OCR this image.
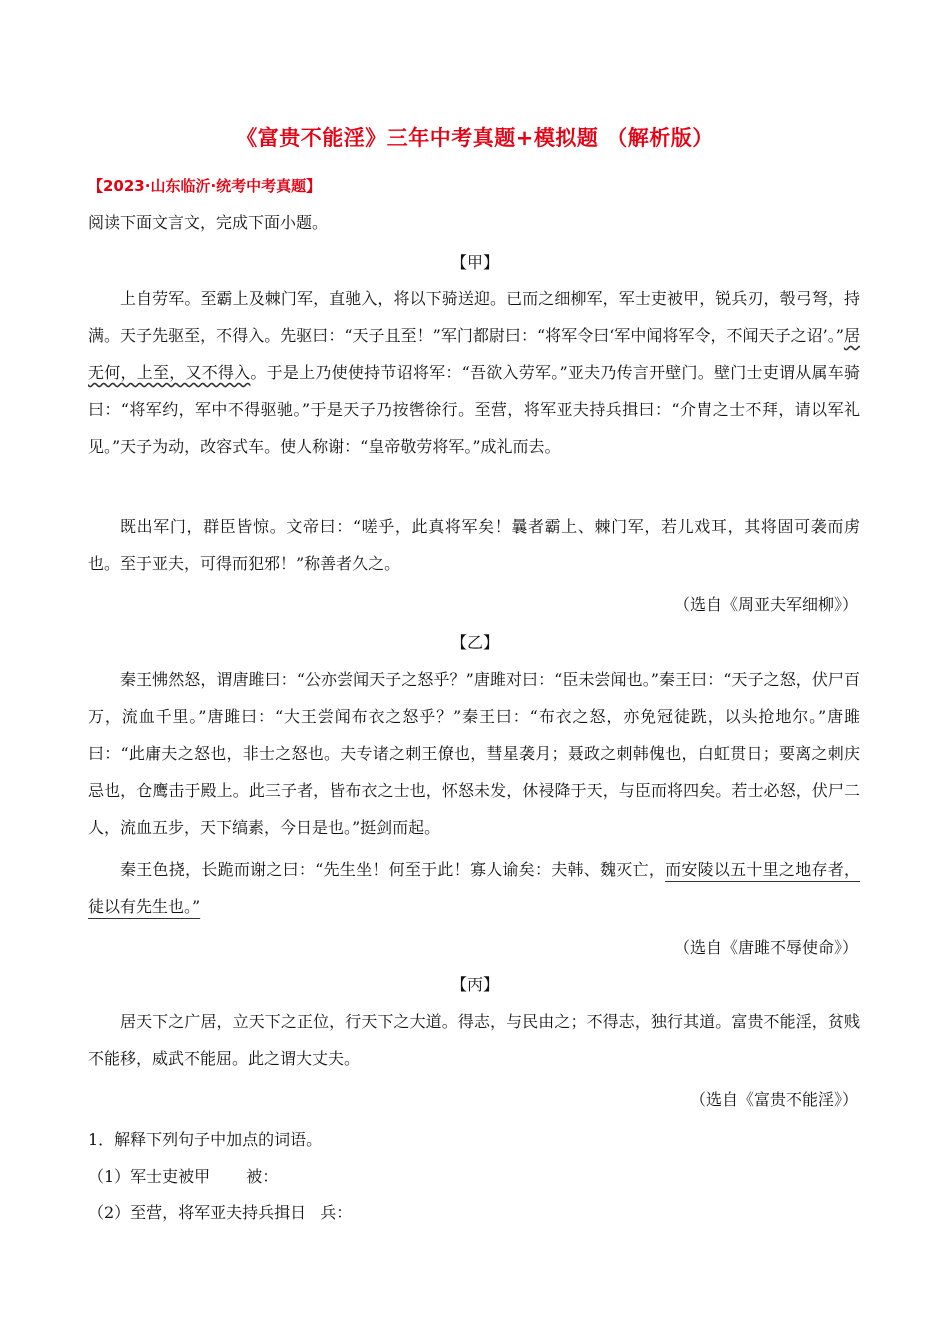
《富贵不能淫》三年中考真题+模拟题 （解析版）
【2023·山东临沂·统考中考真题】
阅读下面文言文，完成下面小题。
【甲】
上自劳军。至霸上及棘门军，直驰入，将以下骑送迎。已而之细柳军，军士吏被甲，锐兵刃，彀弓弩，持满。天子先驱至，不得入。先驱曰：“天子且至！”军门都尉曰：“将军令曰‘军中闻将军令，不闻天子之诏’。”居无何，上至，又不得入。于是上乃使使持节诏将军：“吾欲入劳军。”亚夫乃传言开壁门。壁门士吏谓从属车骑曰：“将军约，军中不得驱驰。”于是天子乃按辔徐行。至营，将军亚夫持兵揖曰：“介胄之士不拜，请以军礼见。”天子为动，改容式车。使人称谢：“皇帝敬劳将军。”成礼而去。
既出军门，群臣皆惊。文帝曰：“嗟乎，此真将军矣！曩者霸上、棘门军，若儿戏耳，其将固可袭而虏也。至于亚夫，可得而犯邪！”称善者久之。
（选自《周亚夫军细柳》）
【乙】
秦王怫然怒，谓唐雎曰：“公亦尝闻天子之怒乎？”唐雎对曰：“臣未尝闻也。”秦王曰：“天子之怒，伏尸百万，流血千里。”唐雎曰：“大王尝闻布衣之怒乎？”秦王曰：“布衣之怒，亦免冠徒跣，以头抢地尔。”唐雎曰：“此庸夫之怒也，非士之怒也。夫专诸之刺王僚也，彗星袭月；聂政之刺韩傀也，白虹贯日；要离之刺庆忌也，仓鹰击于殿上。此三子者，皆布衣之士也，怀怒未发，休祲降于天，与臣而将四矣。若士必怒，伏尸二人，流血五步，天下缟素，今日是也。”挺剑而起。
秦王色挠，长跪而谢之曰：“先生坐！何至于此！寡人谕矣：夫韩、魏灭亡，而安陵以五十里之地存者，徒以有先生也。”
（选自《唐雎不辱使命》）
【丙】
居天下之广居，立天下之正位，行天下之大道。得志，与民由之；不得志，独行其道。富贵不能淫，贫贱不能移，威武不能屈。此之谓大丈夫。
（选自《富贵不能淫》）
1．解释下列句子中加点的词语。
（1）军士吏被甲 被：
（2）至营，将军亚夫持兵揖日 兵：
